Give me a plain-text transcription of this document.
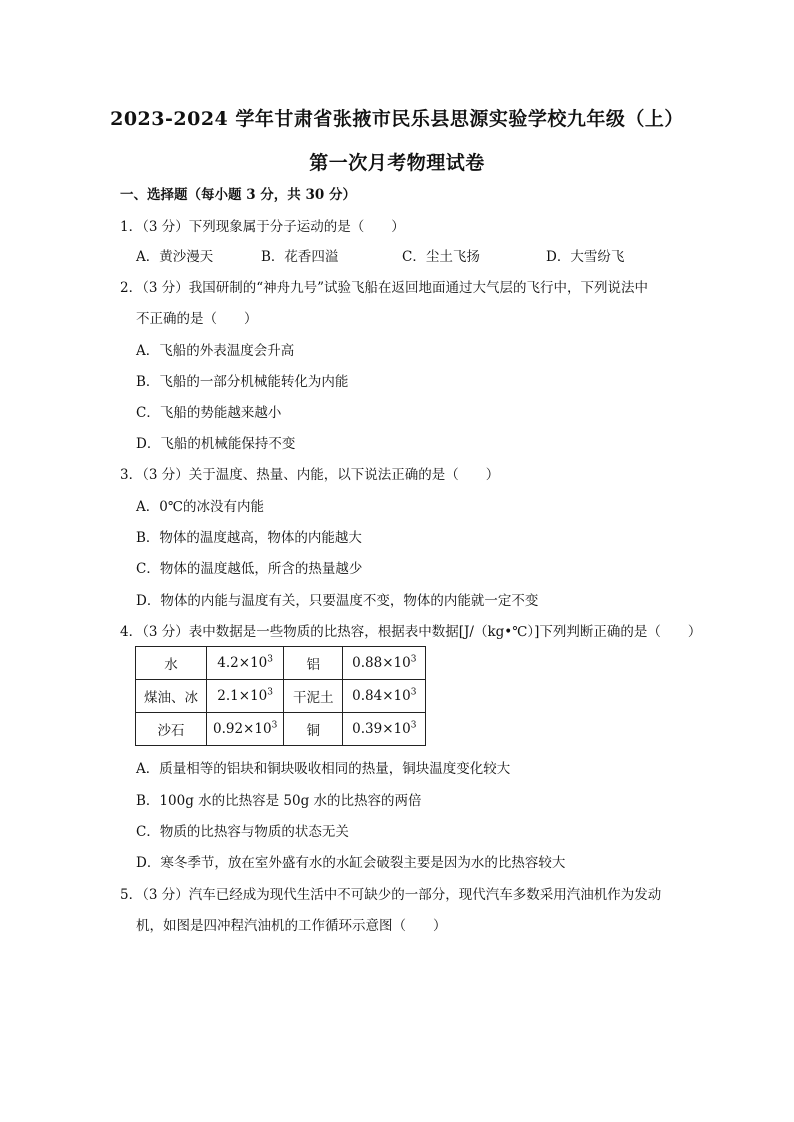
2023-2024 学年甘肃省张掖市民乐县思源实验学校九年级（上）
第一次月考物理试卷
一、选择题（每小题 3 分，共 30 分）
1．（3 分）下列现象属于分子运动的是（　　）
A．黄沙漫天	B．花香四溢	C．尘土飞扬	D．大雪纷飞
2．（3 分）我国研制的“神舟九号”试验飞船在返回地面通过大气层的飞行中，下列说法中
不正确的是（　　）
A．飞船的外表温度会升高
B．飞船的一部分机械能转化为内能
C．飞船的势能越来越小
D．飞船的机械能保持不变
3．（3 分）关于温度、热量、内能，以下说法正确的是（　　）
A．0℃的冰没有内能
B．物体的温度越高，物体的内能越大
C．物体的温度越低，所含的热量越少
D．物体的内能与温度有关，只要温度不变，物体的内能就一定不变
4．（3 分）表中数据是一些物质的比热容，根据表中数据[J/（kg•℃）]下列判断正确的是（　　）
水	$4.2\times 10^3$	铝	$0.88\times 10^3$
煤油、冰	$2.1\times 10^3$	干泥土	$0.84\times 10^3$
沙石	$0.92\times 10^3$	铜	$0.39\times 10^3$
A．质量相等的铝块和铜块吸收相同的热量，铜块温度变化较大
B．100g 水的比热容是 50g 水的比热容的两倍
C．物质的比热容与物质的状态无关
D．寒冬季节，放在室外盛有水的水缸会破裂主要是因为水的比热容较大
5．（3 分）汽车已经成为现代生活中不可缺少的一部分，现代汽车多数采用汽油机作为发动
机，如图是四冲程汽油机的工作循环示意图（　　）
